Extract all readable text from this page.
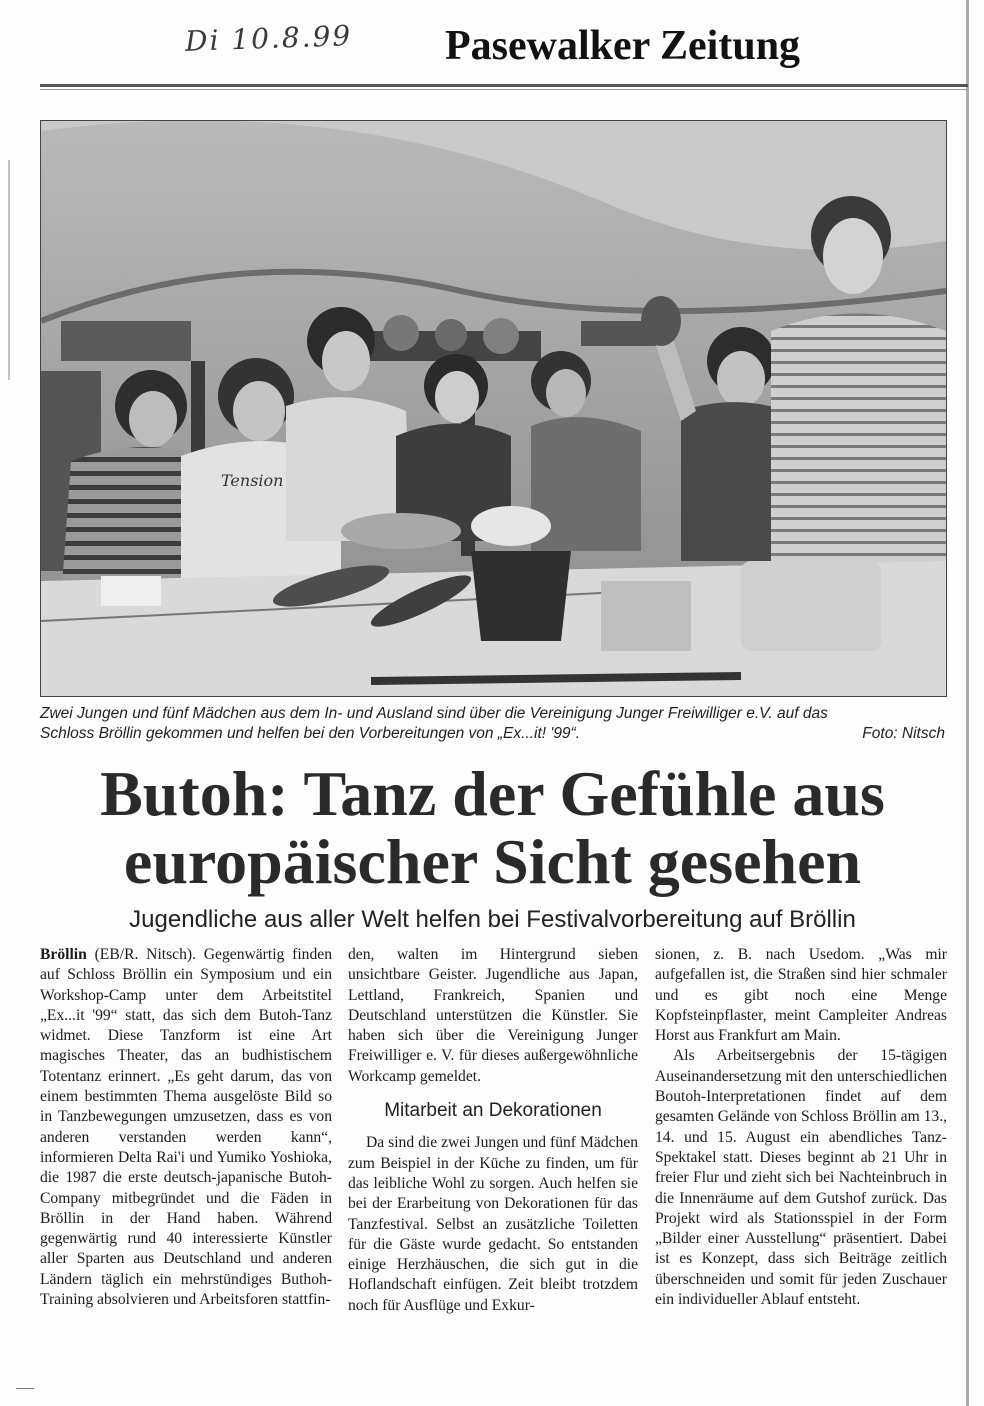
Di 10.8.99 Pasewalker Zeitung
Tension
Zwei Jungen und fünf Mädchen aus dem In- und Ausland sind über die Vereinigung Junger Freiwilliger e.V. auf das
Schloss Bröllin gekommen und helfen bei den Vorbereitungen von „Ex...it! '99“.	Foto: Nitsch
Butoh: Tanz der Gefühle aus
europäischer Sicht gesehen
Jugendliche aus aller Welt helfen bei Festivalvorbereitung auf Bröllin

Bröllin (EB/R. Nitsch). Gegenwärtig finden auf Schloss Bröllin ein Symposium und ein Workshop-Camp unter dem Arbeitstitel „Ex...it '99“ statt, das sich dem Butoh-Tanz widmet. Diese Tanzform ist eine Art magisches Theater, das an budhistischem Totentanz erinnert. „Es geht darum, das von einem bestimmten Thema ausgelöste Bild so in Tanzbewegungen umzusetzen, dass es von anderen verstanden werden kann“, informieren Delta Rai'i und Yumiko Yoshioka, die 1987 die erste deutsch-japanische Butoh-Company mitbegründet und die Fäden in Bröllin in der Hand haben. Während gegenwärtig rund 40 interessierte Künstler aller Sparten aus Deutschland und anderen Ländern täglich ein mehrstündiges Buthoh-Training absolvieren und Arbeitsforen stattfin-

den, walten im Hintergrund sieben unsichtbare Geister. Jugendliche aus Japan, Lettland, Frankreich, Spanien und Deutschland unterstützen die Künstler. Sie haben sich über die Vereinigung Junger Freiwilliger e. V. für dieses außergewöhnliche Workcamp gemeldet.

Mitarbeit an Dekorationen

Da sind die zwei Jungen und fünf Mädchen zum Beispiel in der Küche zu finden, um für das leibliche Wohl zu sorgen. Auch helfen sie bei der Erarbeitung von Dekorationen für das Tanzfestival. Selbst an zusätzliche Toiletten für die Gäste wurde gedacht. So entstanden einige Herzhäuschen, die sich gut in die Hoflandschaft einfügen. Zeit bleibt trotzdem noch für Ausflüge und Exkur-

sionen, z. B. nach Usedom. „Was mir aufgefallen ist, die Straßen sind hier schmaler und es gibt noch eine Menge Kopfsteinpflaster, meint Campleiter Andreas Horst aus Frankfurt am Main.

Als Arbeitsergebnis der 15-tägigen Auseinandersetzung mit den unterschiedlichen Boutoh-Interpretationen findet auf dem gesamten Gelände von Schloss Bröllin am 13., 14. und 15. August ein abendliches Tanz-Spektakel statt. Dieses beginnt ab 21 Uhr in freier Flur und zieht sich bei Nachteinbruch in die Innenräume auf dem Gutshof zurück. Das Projekt wird als Stationsspiel in der Form „Bilder einer Ausstellung“ präsentiert. Dabei ist es Konzept, dass sich Beiträge zeitlich überschneiden und somit für jeden Zuschauer ein individueller Ablauf entsteht.
